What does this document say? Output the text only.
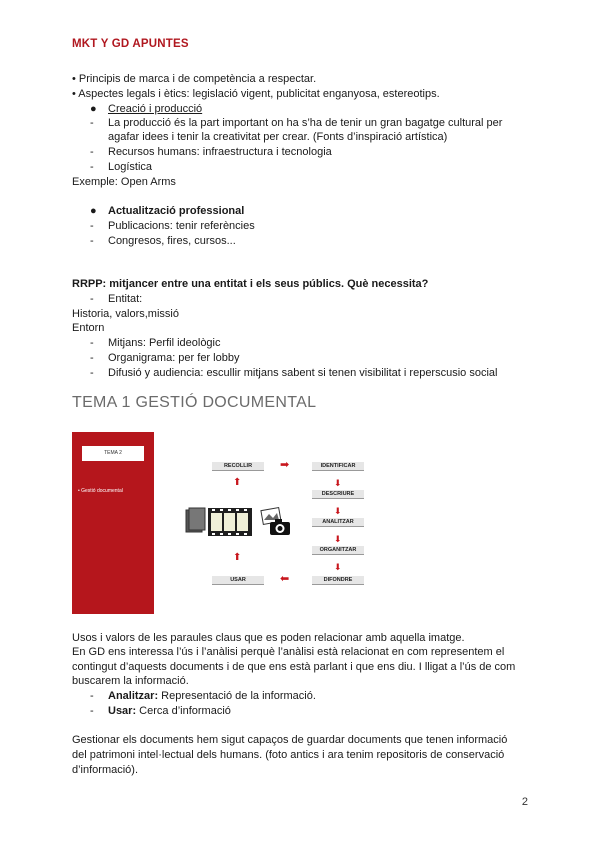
MKT Y GD APUNTES
• Principis de marca i de competència a respectar.
• Aspectes legals i ètics: legislació vigent, publicitat enganyosa, estereotips.
● Creació i producció
- La producció és la part important on ha s’ha de tenir un gran bagatge cultural per
agafar idees i tenir la creativitat per crear. (Fonts d’inspiració artística)
- Recursos humans: infraestructura i tecnologia
- Logística
Exemple: Open Arms
● Actualització professional
- Publicacions: tenir referències
- Congresos, fires, cursos...
RRPP: mitjancer entre una entitat i els seus públics. Què necessita?
- Entitat:
Historia, valors,missió
Entorn
- Mitjans: Perfil ideològic
- Organigrama: per fer lobby
- Difusió y audiencia: escullir mitjans sabent si tenen visibilitat i reperscusio social
TEMA 1 GESTIÓ DOCUMENTAL
TEMA 2
• Gestió documental
RECOLLIR	IDENTIFICAR
DESCRIURE
ANALITZAR
ORGANITZAR
DIFONDRE
USAR
➡
⬇
⬇
⬇
⬇
⬅
⬆
⬆
Usos i valors de les paraules claus que es poden relacionar amb aquella imatge.
En GD ens interessa l’ús i l’anàlisi perquè l’anàlisi està relacionat en com representem el
contingut d’aquests documents i de que ens està parlant i que ens diu. I lligat a l’ús de com
buscarem la informació.
- Analitzar: Representació de la informació.
- Usar: Cerca d’informació
Gestionar els documents hem sigut capaços de guardar documents que tenen informació
del patrimoni intel·lectual dels humans. (foto antics i ara tenim repositoris de conservació
d’informació).
2
